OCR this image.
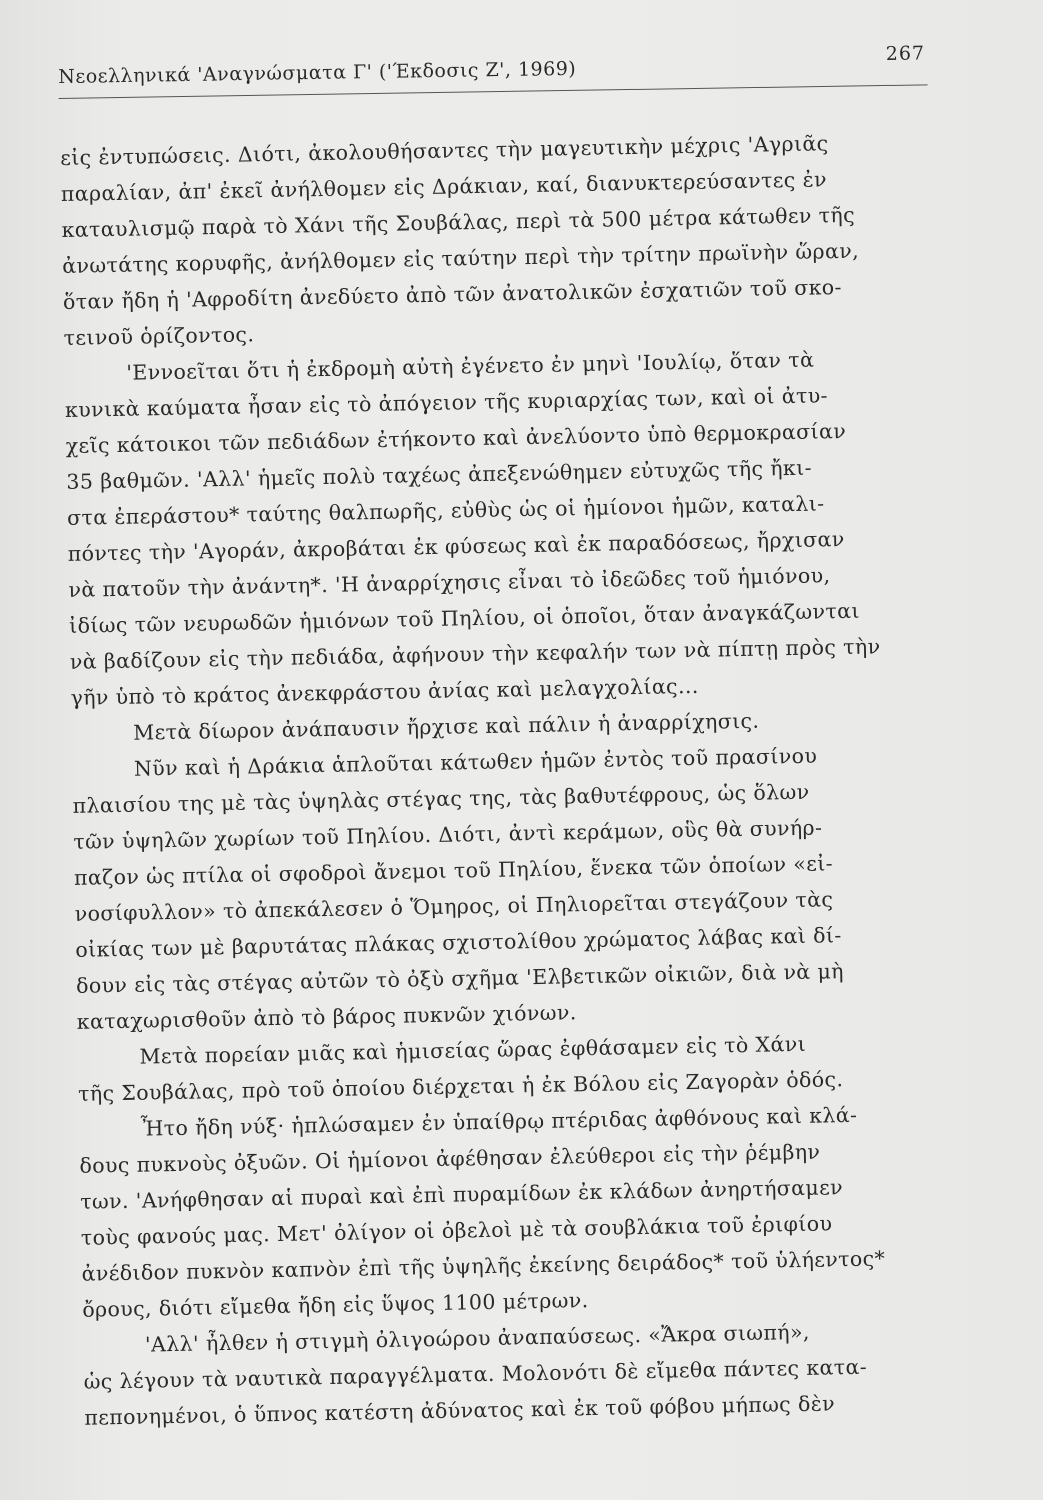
Νεοελληνικά 'Αναγνώσματα Γ' ('Έκδοσις Ζ', 1969)
267
εἰς ἐντυπώσεις. Διότι, ἀκολουθήσαντες τὴν μαγευτικὴν μέχρις 'Αγριᾶς
παραλίαν, ἀπ' ἐκεῖ ἀνήλθομεν εἰς Δράκιαν, καί, διανυκτερεύσαντες ἐν
καταυλισμῷ παρὰ τὸ Χάνι τῆς Σουβάλας, περὶ τὰ 500 μέτρα κάτωθεν τῆς
ἀνωτάτης κορυφῆς, ἀνήλθομεν εἰς ταύτην περὶ τὴν τρίτην πρωϊνὴν ὥραν,
ὅταν ἤδη ἡ 'Αφροδίτη ἀνεδύετο ἀπὸ τῶν ἀνατολικῶν ἐσχατιῶν τοῦ σκο-
τεινοῦ ὁρίζοντος.
'Εννοεῖται ὅτι ἡ ἐκδρομὴ αὐτὴ ἐγένετο ἐν μηνὶ 'Ιουλίῳ, ὅταν τὰ
κυνικὰ καύματα ἦσαν εἰς τὸ ἀπόγειον τῆς κυριαρχίας των, καὶ οἱ ἀτυ-
χεῖς κάτοικοι τῶν πεδιάδων ἐτήκοντο καὶ ἀνελύοντο ὑπὸ θερμοκρασίαν
35 βαθμῶν. 'Αλλ' ἡμεῖς πολὺ ταχέως ἀπεξενώθημεν εὐτυχῶς τῆς ἤκι-
στα ἐπεράστου* ταύτης θαλπωρῆς, εὐθὺς ὡς οἱ ἡμίονοι ἡμῶν, καταλι-
πόντες τὴν 'Αγοράν, ἀκροβάται ἐκ φύσεως καὶ ἐκ παραδόσεως, ἤρχισαν
νὰ πατοῦν τὴν ἀνάντη*. 'Η ἀναρρίχησις εἶναι τὸ ἰδεῶδες τοῦ ἡμιόνου,
ἰδίως τῶν νευρωδῶν ἡμιόνων τοῦ Πηλίου, οἱ ὁποῖοι, ὅταν ἀναγκάζωνται
νὰ βαδίζουν εἰς τὴν πεδιάδα, ἀφήνουν τὴν κεφαλήν των νὰ πίπτῃ πρὸς τὴν
γῆν ὑπὸ τὸ κράτος ἀνεκφράστου ἀνίας καὶ μελαγχολίας...
Μετὰ δίωρον ἀνάπαυσιν ἤρχισε καὶ πάλιν ἡ ἀναρρίχησις.
Νῦν καὶ ἡ Δράκια ἁπλοῦται κάτωθεν ἡμῶν ἐντὸς τοῦ πρασίνου
πλαισίου της μὲ τὰς ὑψηλὰς στέγας της, τὰς βαθυτέφρους, ὡς ὅλων
τῶν ὑψηλῶν χωρίων τοῦ Πηλίου. Διότι, ἀντὶ κεράμων, οὓς θὰ συνήρ-
παζον ὡς πτίλα οἱ σφοδροὶ ἄνεμοι τοῦ Πηλίου, ἕνεκα τῶν ὁποίων «εἰ-
νοσίφυλλον» τὸ ἀπεκάλεσεν ὁ Ὅμηρος, οἱ Πηλιορεῖται στεγάζουν τὰς
οἰκίας των μὲ βαρυτάτας πλάκας σχιστολίθου χρώματος λάβας καὶ δί-
δουν εἰς τὰς στέγας αὐτῶν τὸ ὀξὺ σχῆμα 'Ελβετικῶν οἰκιῶν, διὰ νὰ μὴ
καταχωρισθοῦν ἀπὸ τὸ βάρος πυκνῶν χιόνων.
Μετὰ πορείαν μιᾶς καὶ ἡμισείας ὥρας ἐφθάσαμεν εἰς τὸ Χάνι
τῆς Σουβάλας, πρὸ τοῦ ὁποίου διέρχεται ἡ ἐκ Βόλου εἰς Ζαγορὰν ὁδός.
Ἦτο ἤδη νύξ· ἡπλώσαμεν ἐν ὑπαίθρῳ πτέριδας ἀφθόνους καὶ κλά-
δους πυκνοὺς ὀξυῶν. Οἱ ἡμίονοι ἀφέθησαν ἐλεύθεροι εἰς τὴν ῥέμβην
των. 'Ανήφθησαν αἱ πυραὶ καὶ ἐπὶ πυραμίδων ἐκ κλάδων ἀνηρτήσαμεν
τοὺς φανούς μας. Μετ' ὀλίγον οἱ ὀβελοὶ μὲ τὰ σουβλάκια τοῦ ἐριφίου
ἀνέδιδον πυκνὸν καπνὸν ἐπὶ τῆς ὑψηλῆς ἐκείνης δειράδος* τοῦ ὑλήεντος*
ὄρους, διότι εἴμεθα ἤδη εἰς ὕψος 1100 μέτρων.
'Αλλ' ἦλθεν ἡ στιγμὴ ὀλιγοώρου ἀναπαύσεως. «Ἄκρα σιωπή»,
ὡς λέγουν τὰ ναυτικὰ παραγγέλματα. Μολονότι δὲ εἴμεθα πάντες κατα-
πεπονημένοι, ὁ ὕπνος κατέστη ἀδύνατος καὶ ἐκ τοῦ φόβου μήπως δὲν
